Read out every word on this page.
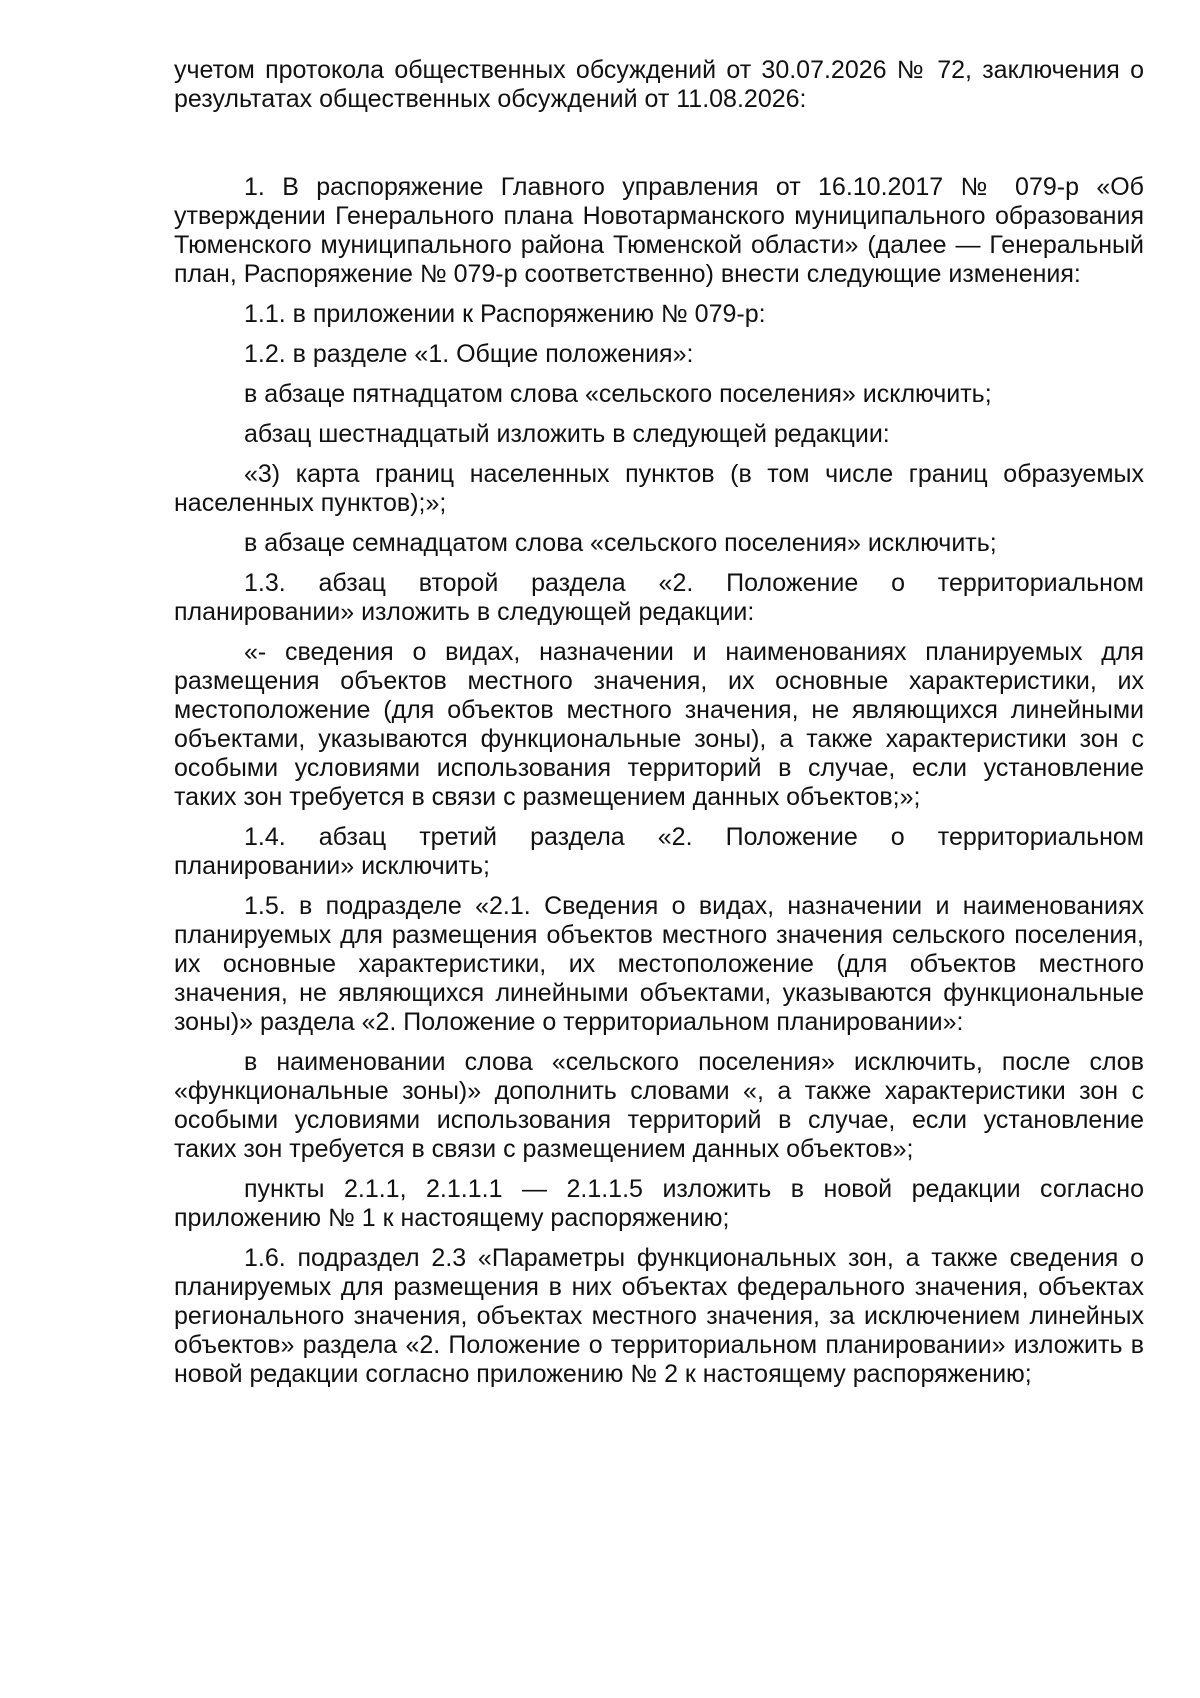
учетом протокола общественных обсуждений от 30.07.2026 № 72, заключения о результатах общественных обсуждений от 11.08.2026:

1. В распоряжение Главного управления от 16.10.2017 № 079-р «Об утверждении Генерального плана Новотарманского муниципального образования Тюменского муниципального района Тюменской области» (далее — Генеральный план, Распоряжение № 079-р соответственно) внести следующие изменения:

1.1. в приложении к Распоряжению № 079-р:

1.2. в разделе «1. Общие положения»:

в абзаце пятнадцатом слова «сельского поселения» исключить;

абзац шестнадцатый изложить в следующей редакции:

«3) карта границ населенных пунктов (в том числе границ образуемых населенных пунктов);»;

в абзаце семнадцатом слова «сельского поселения» исключить;

1.3. абзац второй раздела «2. Положение о территориальном планировании» изложить в следующей редакции:

«- сведения о видах, назначении и наименованиях планируемых для размещения объектов местного значения, их основные характеристики, их местоположение (для объектов местного значения, не являющихся линейными объектами, указываются функциональные зоны), а также характеристики зон с особыми условиями использования территорий в случае, если установление таких зон требуется в связи с размещением данных объектов;»;

1.4. абзац третий раздела «2. Положение о территориальном планировании» исключить;

1.5. в подразделе «2.1. Сведения о видах, назначении и наименованиях планируемых для размещения объектов местного значения сельского поселения, их основные характеристики, их местоположение (для объектов местного значения, не являющихся линейными объектами, указываются функциональные зоны)» раздела «2. Положение о территориальном планировании»:

в наименовании слова «сельского поселения» исключить, после слов «функциональные зоны)» дополнить словами «, а также характеристики зон с особыми условиями использования территорий в случае, если установление таких зон требуется в связи с размещением данных объектов»;

пункты 2.1.1, 2.1.1.1 — 2.1.1.5 изложить в новой редакции согласно приложению № 1 к настоящему распоряжению;

1.6. подраздел 2.3 «Параметры функциональных зон, а также сведения о планируемых для размещения в них объектах федерального значения, объектах регионального значения, объектах местного значения, за исключением линейных объектов» раздела «2. Положение о территориальном планировании» изложить в новой редакции согласно приложению № 2 к настоящему распоряжению;
